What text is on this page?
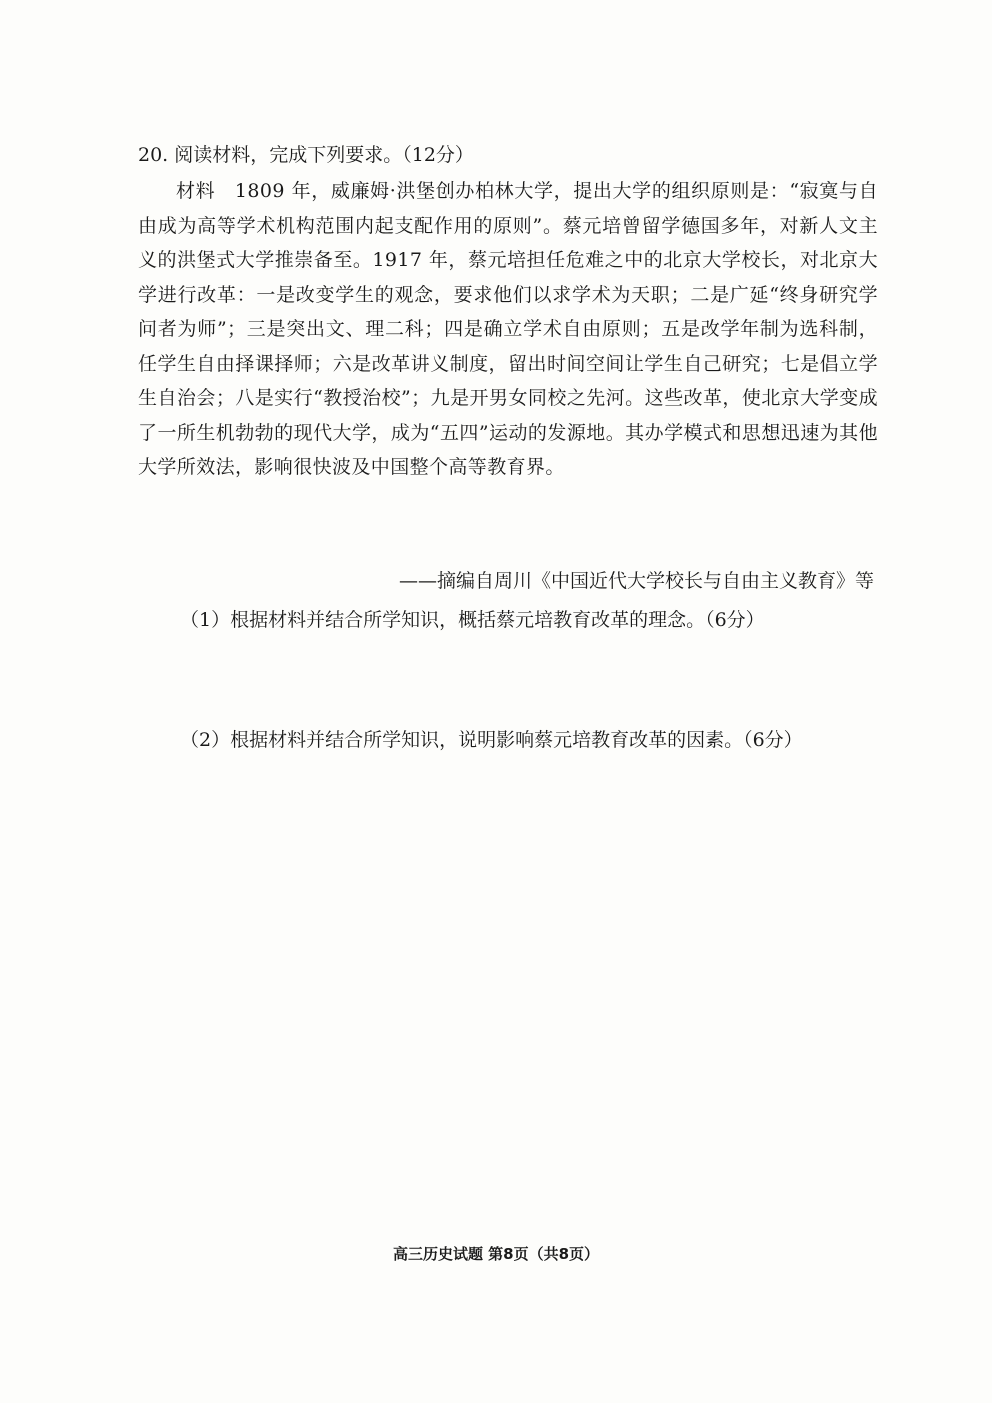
20. 阅读材料，完成下列要求。（12分）
材料　1809 年，威廉姆·洪堡创办柏林大学，提出大学的组织原则是：“寂寞与自由成为高等学术机构范围内起支配作用的原则”。蔡元培曾留学德国多年，对新人文主义的洪堡式大学推崇备至。1917 年，蔡元培担任危难之中的北京大学校长，对北京大学进行改革：一是改变学生的观念，要求他们以求学术为天职；二是广延“终身研究学问者为师”；三是突出文、理二科；四是确立学术自由原则；五是改学年制为选科制，任学生自由择课择师；六是改革讲义制度，留出时间空间让学生自己研究；七是倡立学生自治会；八是实行“教授治校”；九是开男女同校之先河。这些改革，使北京大学变成了一所生机勃勃的现代大学，成为“五四”运动的发源地。其办学模式和思想迅速为其他大学所效法，影响很快波及中国整个高等教育界。
——摘编自周川《中国近代大学校长与自由主义教育》等
（1）根据材料并结合所学知识，概括蔡元培教育改革的理念。（6分）
（2）根据材料并结合所学知识，说明影响蔡元培教育改革的因素。（6分）
高三历史试题 第8页（共8页）
